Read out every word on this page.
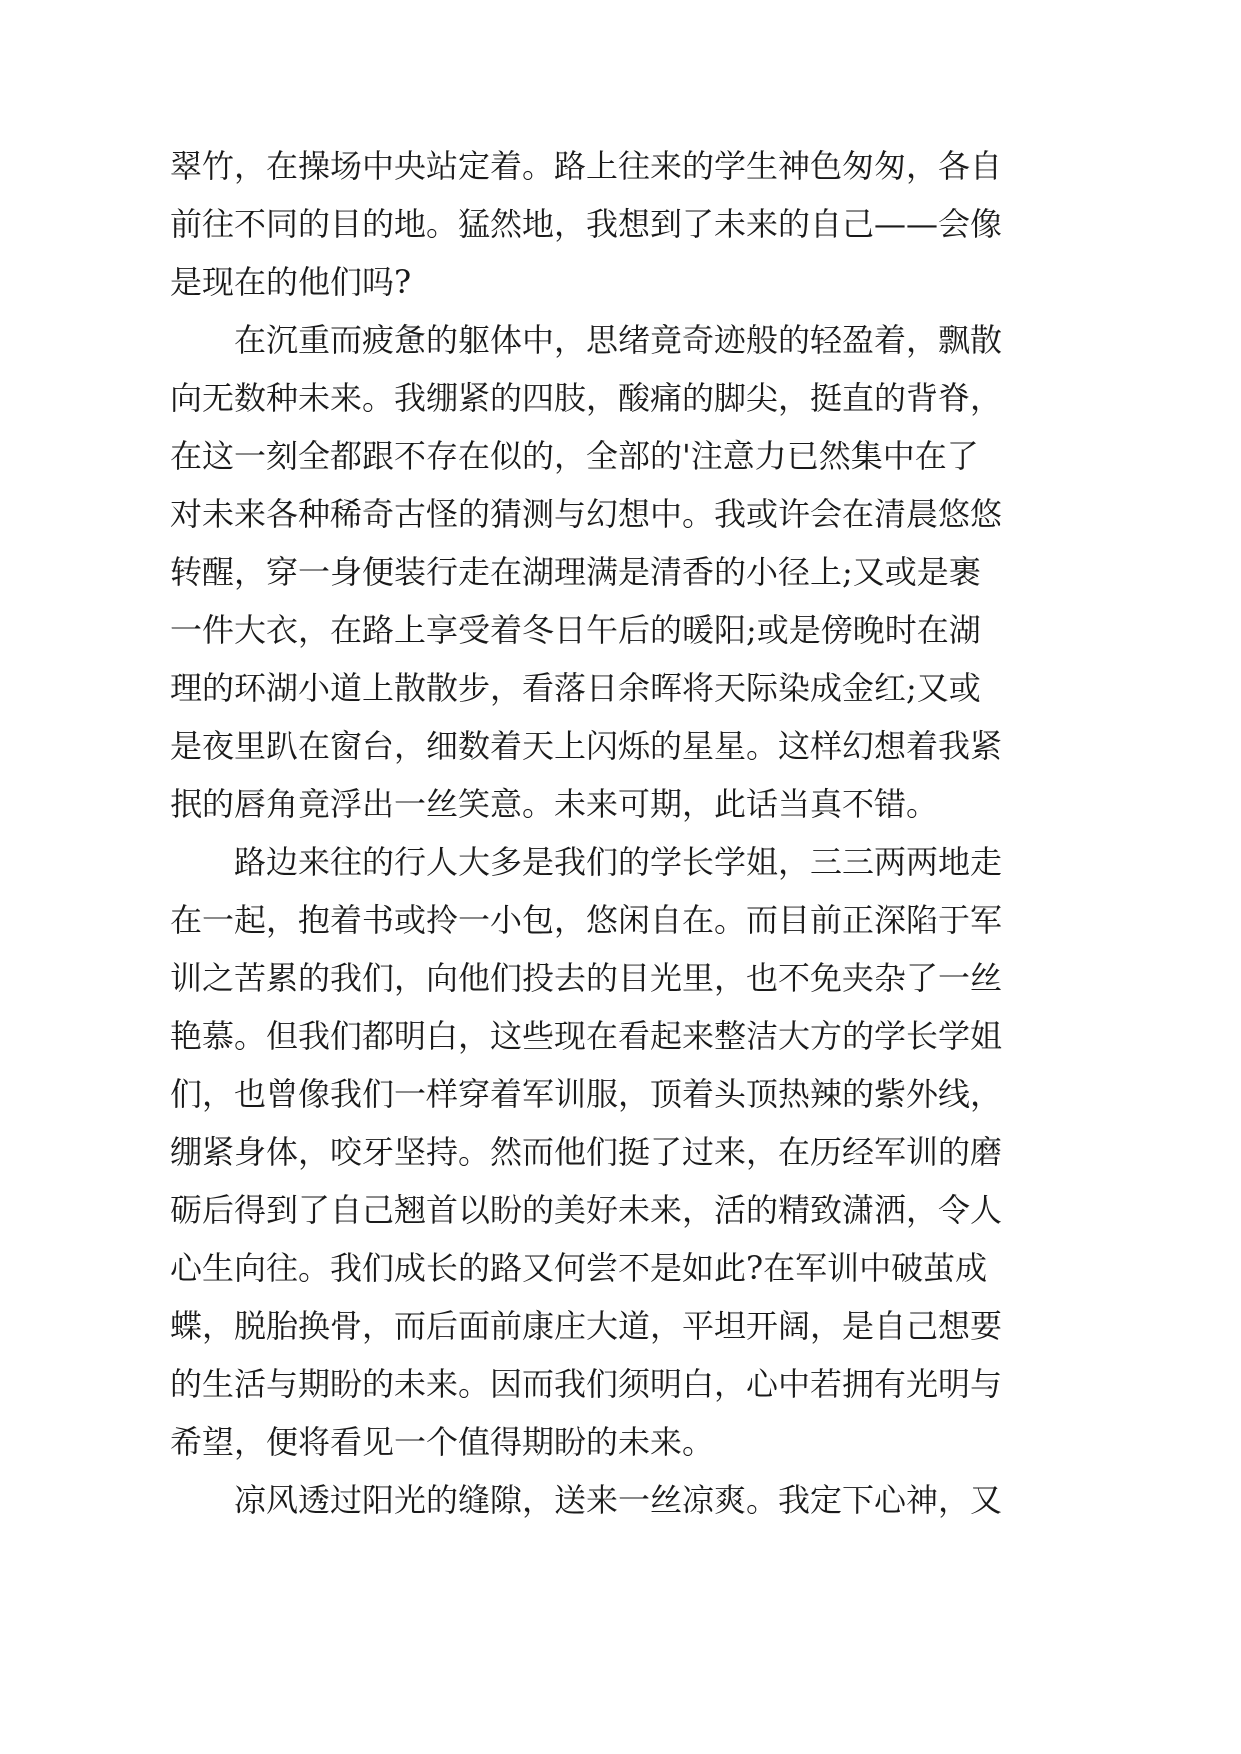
翠竹，在操场中央站定着。路上往来的学生神色匆匆，各自
前往不同的目的地。猛然地，我想到了未来的自己——会像
是现在的他们吗?
在沉重而疲惫的躯体中，思绪竟奇迹般的轻盈着，飘散
向无数种未来。我绷紧的四肢，酸痛的脚尖，挺直的背脊，
在这一刻全都跟不存在似的，全部的'注意力已然集中在了
对未来各种稀奇古怪的猜测与幻想中。我或许会在清晨悠悠
转醒，穿一身便装行走在湖理满是清香的小径上;又或是裹
一件大衣，在路上享受着冬日午后的暖阳;或是傍晚时在湖
理的环湖小道上散散步，看落日余晖将天际染成金红;又或
是夜里趴在窗台，细数着天上闪烁的星星。这样幻想着我紧
抿的唇角竟浮出一丝笑意。未来可期，此话当真不错。
路边来往的行人大多是我们的学长学姐，三三两两地走
在一起，抱着书或拎一小包，悠闲自在。而目前正深陷于军
训之苦累的我们，向他们投去的目光里，也不免夹杂了一丝
艳慕。但我们都明白，这些现在看起来整洁大方的学长学姐
们，也曾像我们一样穿着军训服，顶着头顶热辣的紫外线，
绷紧身体，咬牙坚持。然而他们挺了过来，在历经军训的磨
砺后得到了自己翘首以盼的美好未来，活的精致潇洒，令人
心生向往。我们成长的路又何尝不是如此?在军训中破茧成
蝶，脱胎换骨，而后面前康庄大道，平坦开阔，是自己想要
的生活与期盼的未来。因而我们须明白，心中若拥有光明与
希望，便将看见一个值得期盼的未来。
凉风透过阳光的缝隙，送来一丝凉爽。我定下心神，又
